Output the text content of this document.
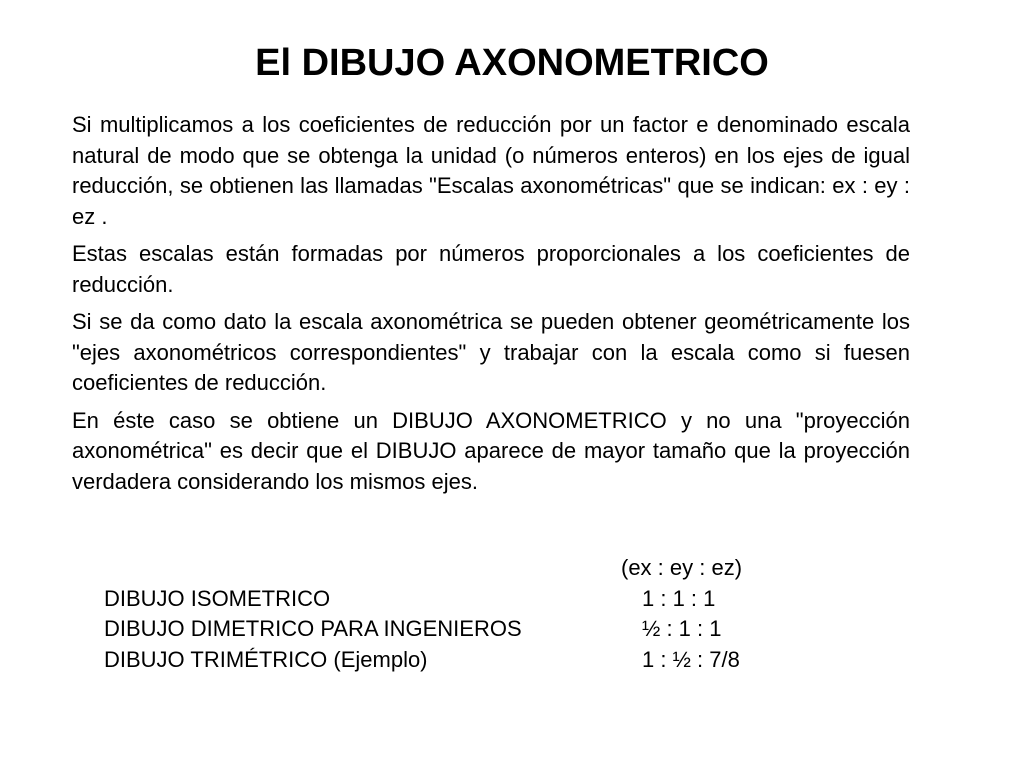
El DIBUJO AXONOMETRICO

Si multiplicamos a los coeficientes de reducción por un factor e denominado escala natural de modo que se obtenga la unidad (o números enteros) en los ejes de igual reducción, se obtienen las llamadas "Escalas axonométricas" que se indican: ex : ey : ez .

Estas escalas están formadas por números proporcionales a los coeficientes de reducción.

Si se da como dato la escala axonométrica se pueden obtener geométricamente los "ejes axonométricos correspondientes" y trabajar con la escala como si fuesen coeficientes de reducción.

En éste caso se obtiene un DIBUJO AXONOMETRICO y no una "proyección axonométrica" es decir que el DIBUJO aparece de mayor tamaño que la proyección verdadera considerando los mismos ejes.

(ex : ey : ez)
DIBUJO ISOMETRICO	1 : 1 : 1
DIBUJO DIMETRICO PARA INGENIEROS	½ : 1 : 1
DIBUJO TRIMÉTRICO (Ejemplo)	1 : ½ : 7/8
